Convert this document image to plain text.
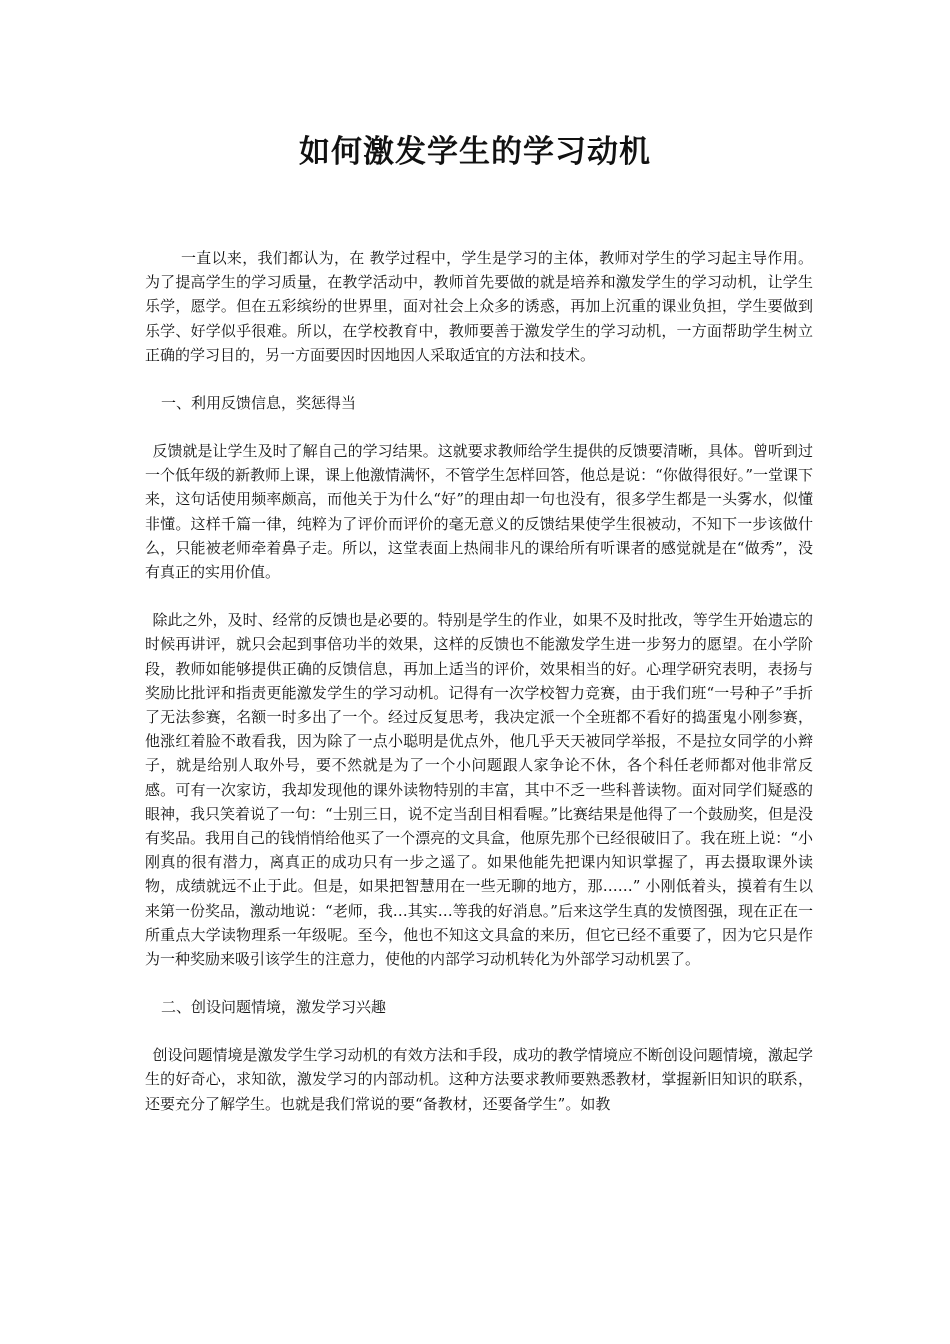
如何激发学生的学习动机

一直以来，我们都认为，在 教学过程中，学生是学习的主体，教师对学生的学习起主导作用。为了提高学生的学习质量，在教学活动中，教师首先要做的就是培养和激发学生的学习动机，让学生乐学，愿学。但在五彩缤纷的世界里，面对社会上众多的诱惑，再加上沉重的课业负担，学生要做到乐学、好学似乎很难。所以，在学校教育中，教师要善于激发学生的学习动机，一方面帮助学生树立正确的学习目的，另一方面要因时因地因人采取适宜的方法和技术。

一、利用反馈信息，奖惩得当

反馈就是让学生及时了解自己的学习结果。这就要求教师给学生提供的反馈要清晰，具体。曾听到过一个低年级的新教师上课，课上他激情满怀，不管学生怎样回答，他总是说：“你做得很好。”一堂课下来，这句话使用频率颇高，而他关于为什么“好”的理由却一句也没有，很多学生都是一头雾水，似懂非懂。这样千篇一律，纯粹为了评价而评价的毫无意义的反馈结果使学生很被动，不知下一步该做什么，只能被老师牵着鼻子走。所以，这堂表面上热闹非凡的课给所有听课者的感觉就是在“做秀”，没有真正的实用价值。

除此之外，及时、经常的反馈也是必要的。特别是学生的作业，如果不及时批改，等学生开始遗忘的时候再讲评，就只会起到事倍功半的效果，这样的反馈也不能激发学生进一步努力的愿望。在小学阶段，教师如能够提供正确的反馈信息，再加上适当的评价，效果相当的好。心理学研究表明，表扬与奖励比批评和指责更能激发学生的学习动机。记得有一次学校智力竞赛，由于我们班“一号种子”手折了无法参赛，名额一时多出了一个。经过反复思考，我决定派一个全班都不看好的捣蛋鬼小刚参赛，他涨红着脸不敢看我，因为除了一点小聪明是优点外，他几乎天天被同学举报，不是拉女同学的小辫子，就是给别人取外号，要不然就是为了一个小问题跟人家争论不休，各个科任老师都对他非常反感。可有一次家访，我却发现他的课外读物特别的丰富，其中不乏一些科普读物。面对同学们疑惑的眼神，我只笑着说了一句：“士别三日，说不定当刮目相看喔。”比赛结果是他得了一个鼓励奖，但是没有奖品。我用自己的钱悄悄给他买了一个漂亮的文具盒，他原先那个已经很破旧了。我在班上说：“小刚真的很有潜力，离真正的成功只有一步之遥了。如果他能先把课内知识掌握了，再去摄取课外读物，成绩就远不止于此。但是，如果把智慧用在一些无聊的地方，那……” 小刚低着头，摸着有生以来第一份奖品，激动地说：“老师，我…其实…等我的好消息。”后来这学生真的发愤图强，现在正在一所重点大学读物理系一年级呢。至今，他也不知这文具盒的来历，但它已经不重要了，因为它只是作为一种奖励来吸引该学生的注意力，使他的内部学习动机转化为外部学习动机罢了。

二、创设问题情境，激发学习兴趣

创设问题情境是激发学生学习动机的有效方法和手段，成功的教学情境应不断创设问题情境，激起学生的好奇心，求知欲，激发学习的内部动机。这种方法要求教师要熟悉教材，掌握新旧知识的联系，还要充分了解学生。也就是我们常说的要“备教材，还要备学生”。如教
